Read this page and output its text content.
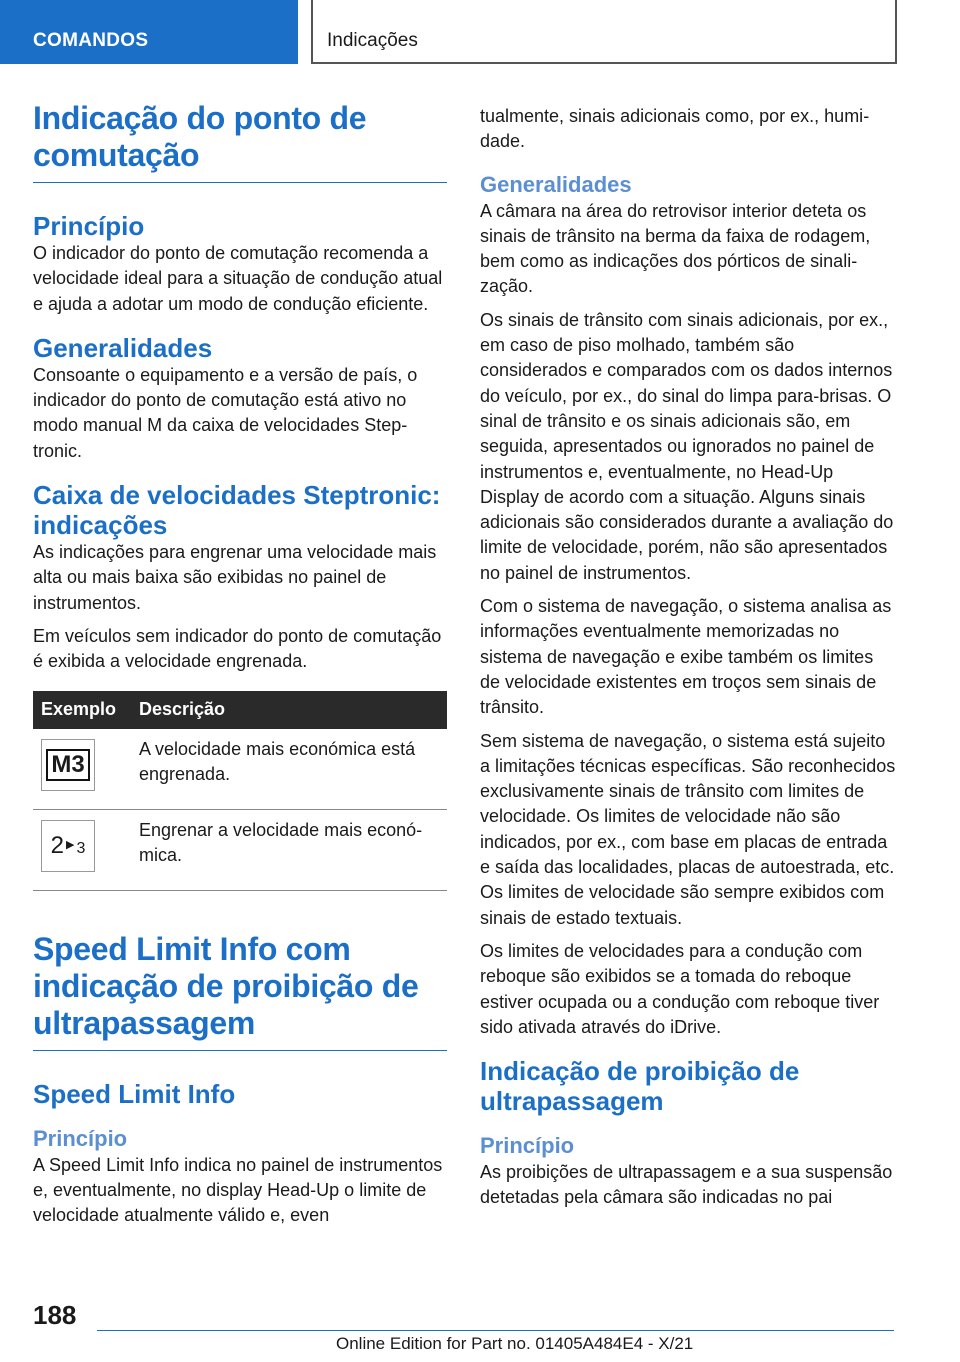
COMANDOS	Indicações
Indicação do ponto de comutação
Princípio

O indicador do ponto de comutação recomenda a velocidade ideal para a situação de condução atual e ajuda a adotar um modo de condução eficiente.

Generalidades

Consoante o equipamento e a versão de país, o indicador do ponto de comutação está ativo no modo manual M da caixa de velocidades Steptronic.

Caixa de velocidades Steptronic: indicações

As indicações para engrenar uma velocidade mais alta ou mais baixa são exibidas no painel de instrumentos.

Em veículos sem indicador do ponto de comutação é exibida a velocidade engrenada.

Exemplo	Descrição

M3	A velocidade mais económica está engrenada.

2 ▶ 3	Engrenar a velocidade mais económica.
Speed Limit Info com indicação de proibição de ultrapassagem
Speed Limit Info
Princípio

A Speed Limit Info indica no painel de instrumentos e, eventualmente, no display Head-Up o limite de velocidade atualmente válido e, even

tualmente, sinais adicionais como, por ex., humidade.

Generalidades

A câmara na área do retrovisor interior deteta os sinais de trânsito na berma da faixa de rodagem, bem como as indicações dos pórticos de sinalização.

Os sinais de trânsito com sinais adicionais, por ex., em caso de piso molhado, também são considerados e comparados com os dados internos do veículo, por ex., do sinal do limpa para-brisas. O sinal de trânsito e os sinais adicionais são, em seguida, apresentados ou ignorados no painel de instrumentos e, eventualmente, no Head-Up Display de acordo com a situação. Alguns sinais adicionais são considerados durante a avaliação do limite de velocidade, porém, não são apresentados no painel de instrumentos.

Com o sistema de navegação, o sistema analisa as informações eventualmente memorizadas no sistema de navegação e exibe também os limites de velocidade existentes em troços sem sinais de trânsito.

Sem sistema de navegação, o sistema está sujeito a limitações técnicas específicas. São reconhecidos exclusivamente sinais de trânsito com limites de velocidade. Os limites de velocidade não são indicados, por ex., com base em placas de entrada e saída das localidades, placas de autoestrada, etc. Os limites de velocidade são sempre exibidos com sinais de estado textuais.

Os limites de velocidades para a condução com reboque são exibidos se a tomada do reboque estiver ocupada ou a condução com reboque tiver sido ativada através do iDrive.

Indicação de proibição de ultrapassagem
Princípio

As proibições de ultrapassagem e a sua suspensão detetadas pela câmara são indicadas no pai

188
Online Edition for Part no. 01405A484E4 - X/21
